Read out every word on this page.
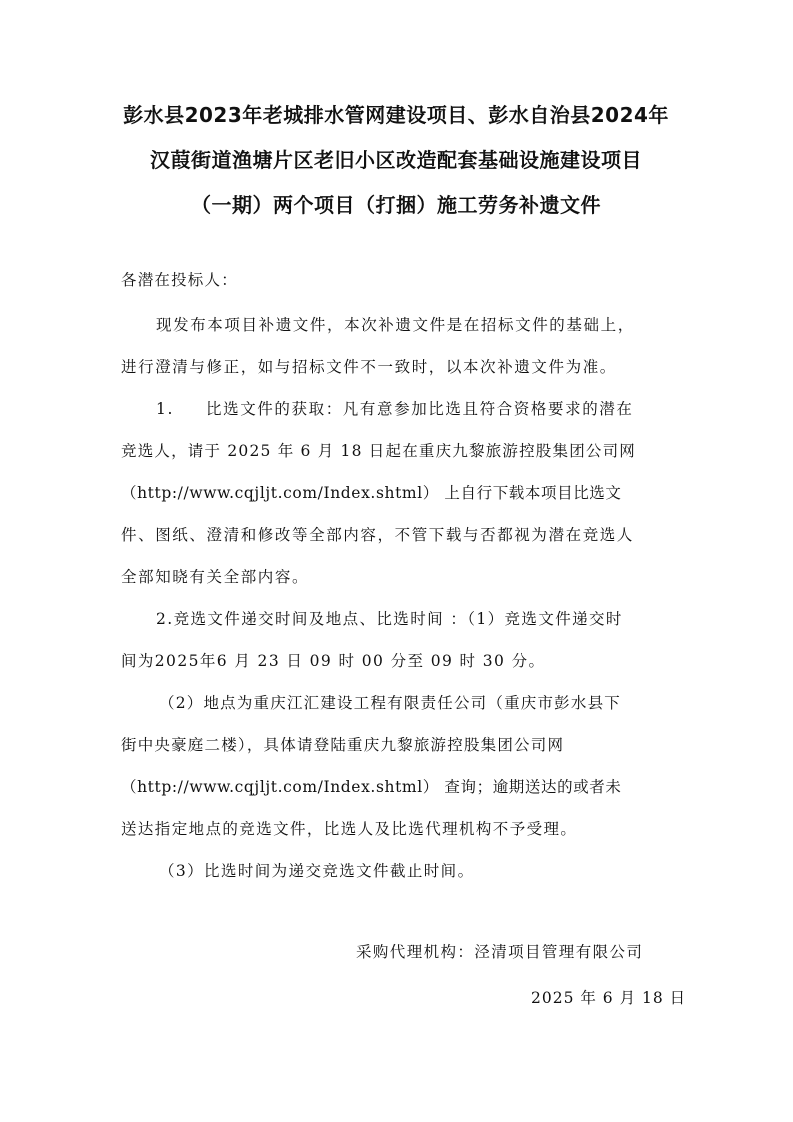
彭水县2023年老城排水管网建设项目、彭水自治县2024年
汉葭街道渔塘片区老旧小区改造配套基础设施建设项目
（一期）两个项目（打捆）施工劳务补遗文件
各潜在投标人：
现发布本项目补遗文件，本次补遗文件是在招标文件的基础上，
进行澄清与修正，如与招标文件不一致时，以本次补遗文件为准。
1. 比选文件的获取：凡有意参加比选且符合资格要求的潜在
竞选人，请于 2025 年 6 月 18 日起在重庆九黎旅游控股集团公司网
（http://www.cqjljt.com/Index.shtml） 上自行下载本项目比选文
件、图纸、澄清和修改等全部内容，不管下载与否都视为潜在竞选人
全部知晓有关全部内容。
2.竞选文件递交时间及地点、比选时间 ：（1）竞选文件递交时
间为2025年6 月 23 日 09 时 00 分至 09 时 30 分。
（2）地点为重庆江汇建设工程有限责任公司（重庆市彭水县下
街中央豪庭二楼），具体请登陆重庆九黎旅游控股集团公司网
（http://www.cqjljt.com/Index.shtml） 查询；逾期送达的或者未
送达指定地点的竞选文件，比选人及比选代理机构不予受理。
（3）比选时间为递交竞选文件截止时间。
采购代理机构：泾清项目管理有限公司
2025 年 6 月 18 日
